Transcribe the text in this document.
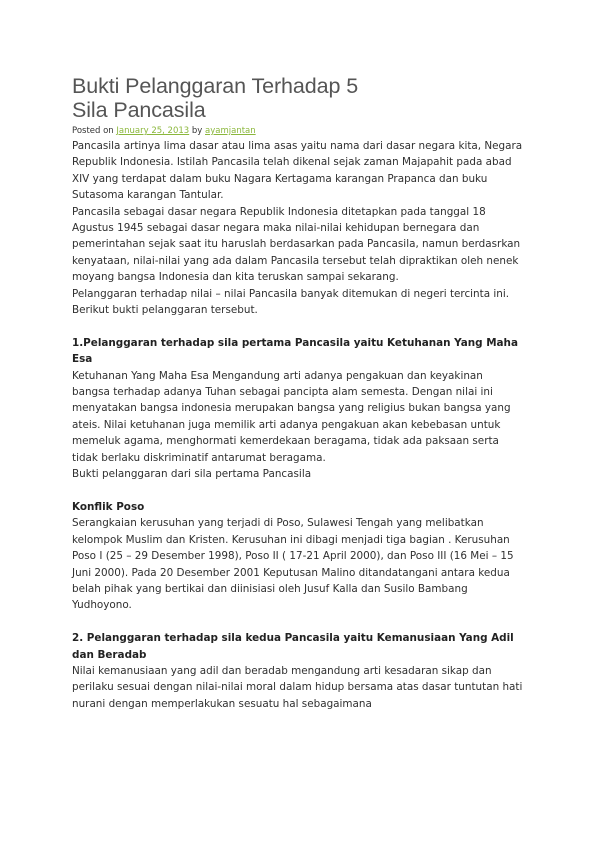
Bukti Pelanggaran Terhadap 5
Sila Pancasila
Posted on January 25, 2013 by ayamjantan

Pancasila artinya lima dasar atau lima asas yaitu nama dari dasar negara kita, Negara Republik Indonesia. Istilah Pancasila telah dikenal sejak zaman Majapahit pada abad XIV yang terdapat dalam buku Nagara Kertagama karangan Prapanca dan buku Sutasoma karangan Tantular.

Pancasila sebagai dasar negara Republik Indonesia ditetapkan pada tanggal 18 Agustus 1945 sebagai dasar negara maka nilai-nilai kehidupan bernegara dan pemerintahan sejak saat itu haruslah berdasarkan pada Pancasila, namun berdasrkan kenyataan, nilai-nilai yang ada dalam Pancasila tersebut telah dipraktikan oleh nenek moyang bangsa Indonesia dan kita teruskan sampai sekarang.

Pelanggaran terhadap nilai – nilai Pancasila banyak ditemukan di negeri tercinta ini. Berikut bukti pelanggaran tersebut.

1.Pelanggaran terhadap sila pertama Pancasila yaitu Ketuhanan Yang Maha Esa

Ketuhanan Yang Maha Esa Mengandung arti adanya pengakuan dan keyakinan bangsa terhadap adanya Tuhan sebagai pancipta alam semesta. Dengan nilai ini menyatakan bangsa indonesia merupakan bangsa yang religius bukan bangsa yang ateis. Nilai ketuhanan juga memilik arti adanya pengakuan akan kebebasan untuk memeluk agama, menghormati kemerdekaan beragama, tidak ada paksaan serta tidak berlaku diskriminatif antarumat beragama.

Bukti pelanggaran dari sila pertama Pancasila

Konflik Poso

Serangkaian kerusuhan yang terjadi di Poso, Sulawesi Tengah yang melibatkan kelompok Muslim dan Kristen. Kerusuhan ini dibagi menjadi tiga bagian . Kerusuhan Poso I (25 – 29 Desember 1998), Poso II ( 17-21 April 2000), dan Poso III (16 Mei – 15 Juni 2000). Pada 20 Desember 2001 Keputusan Malino ditandatangani antara kedua belah pihak yang bertikai dan diinisiasi oleh Jusuf Kalla dan Susilo Bambang Yudhoyono.

2. Pelanggaran terhadap sila kedua Pancasila yaitu Kemanusiaan Yang Adil dan Beradab

Nilai kemanusiaan yang adil dan beradab mengandung arti kesadaran sikap dan perilaku sesuai dengan nilai-nilai moral dalam hidup bersama atas dasar tuntutan hati nurani dengan memperlakukan sesuatu hal sebagaimana
